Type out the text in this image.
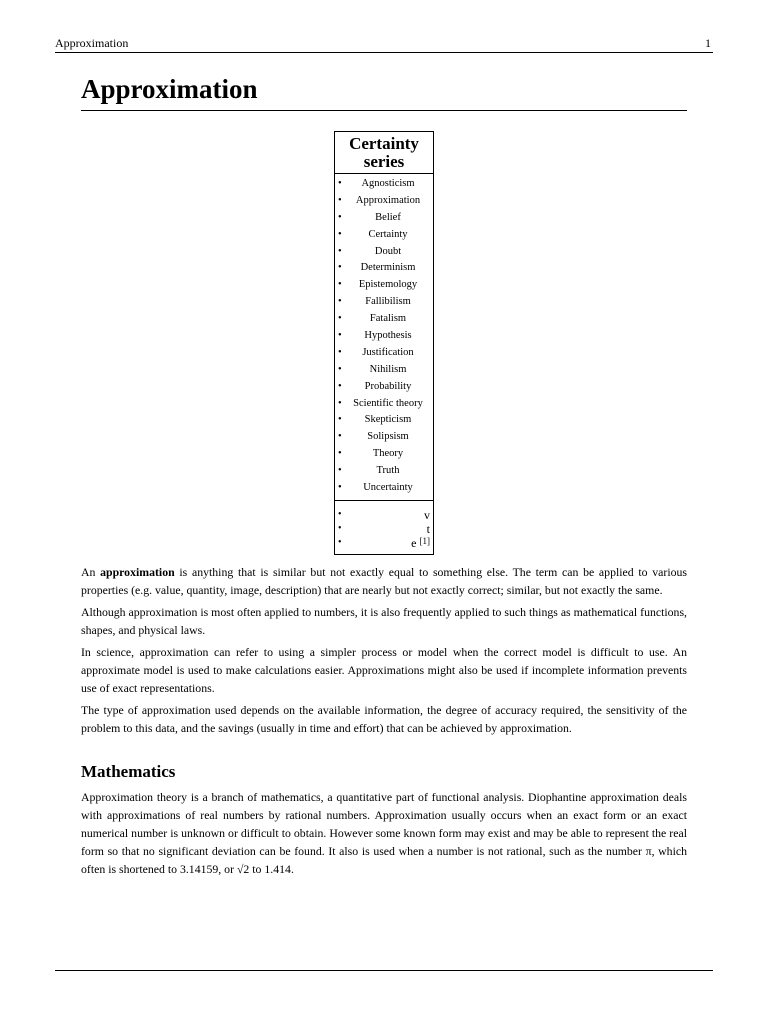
Approximation	1
Approximation
Certainty series
• Agnosticism
• Approximation
•	Belief
•	Certainty
•	Doubt
• Determinism
• Epistemology
• Fallibilism
•	Fatalism
• Hypothesis
• Justification
•	Nihilism
• Probability
• Scientific theory
• Skepticism
• Solipsism
•	Theory
•	Truth
• Uncertainty
•	v
•	t
•	e [1]

An approximation is anything that is similar but not exactly equal to something else. The term can be applied to various properties (e.g. value, quantity, image, description) that are nearly but not exactly correct; similar, but not exactly the same.

Although approximation is most often applied to numbers, it is also frequently applied to such things as mathematical functions, shapes, and physical laws.

In science, approximation can refer to using a simpler process or model when the correct model is difficult to use. An approximate model is used to make calculations easier. Approximations might also be used if incomplete information prevents use of exact representations.

The type of approximation used depends on the available information, the degree of accuracy required, the sensitivity of the problem to this data, and the savings (usually in time and effort) that can be achieved by approximation.

Mathematics

Approximation theory is a branch of mathematics, a quantitative part of functional analysis. Diophantine approximation deals with approximations of real numbers by rational numbers. Approximation usually occurs when an exact form or an exact numerical number is unknown or difficult to obtain. However some known form may exist and may be able to represent the real form so that no significant deviation can be found. It also is used when a number is not rational, such as the number π, which often is shortened to 3.14159, or √2 to 1.414.
